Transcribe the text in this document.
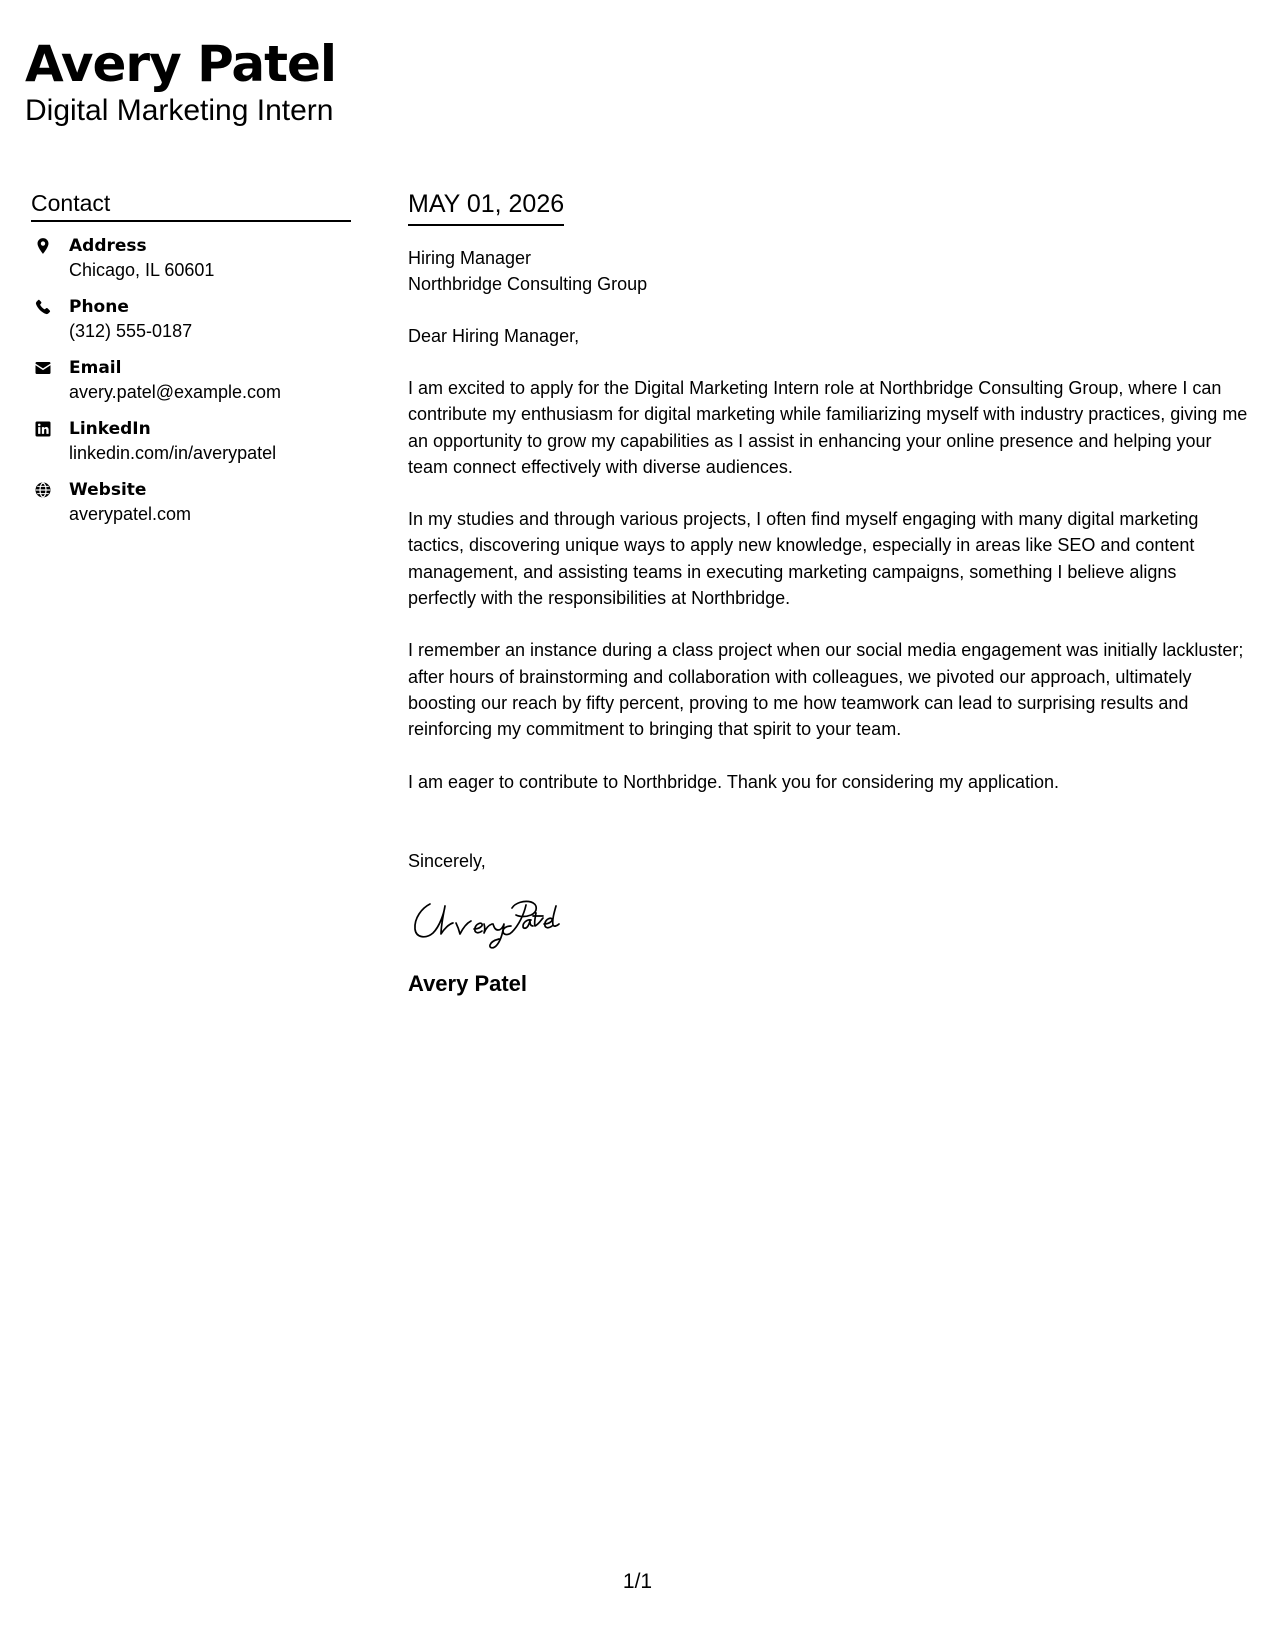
Avery Patel
Digital Marketing Intern
Contact
Address
Chicago, IL 60601
Phone
(312) 555-0187
Email
avery.patel@example.com
LinkedIn
linkedin.com/in/averypatel
Website
averypatel.com
MAY 01, 2026
Hiring Manager
Northbridge Consulting Group
Dear Hiring Manager,
I am excited to apply for the Digital Marketing Intern role at Northbridge Consulting Group, where I can contribute my enthusiasm for digital marketing while familiarizing myself with industry practices, giving me an opportunity to grow my capabilities as I assist in enhancing your online presence and helping your team connect effectively with diverse audiences.
In my studies and through various projects, I often find myself engaging with many digital marketing tactics, discovering unique ways to apply new knowledge, especially in areas like SEO and content management, and assisting teams in executing marketing campaigns, something I believe aligns perfectly with the responsibilities at Northbridge.
I remember an instance during a class project when our social media engagement was initially lackluster; after hours of brainstorming and collaboration with colleagues, we pivoted our approach, ultimately boosting our reach by fifty percent, proving to me how teamwork can lead to surprising results and reinforcing my commitment to bringing that spirit to your team.
I am eager to contribute to Northbridge. Thank you for considering my application.
Sincerely,
Avery Patel
1/1
